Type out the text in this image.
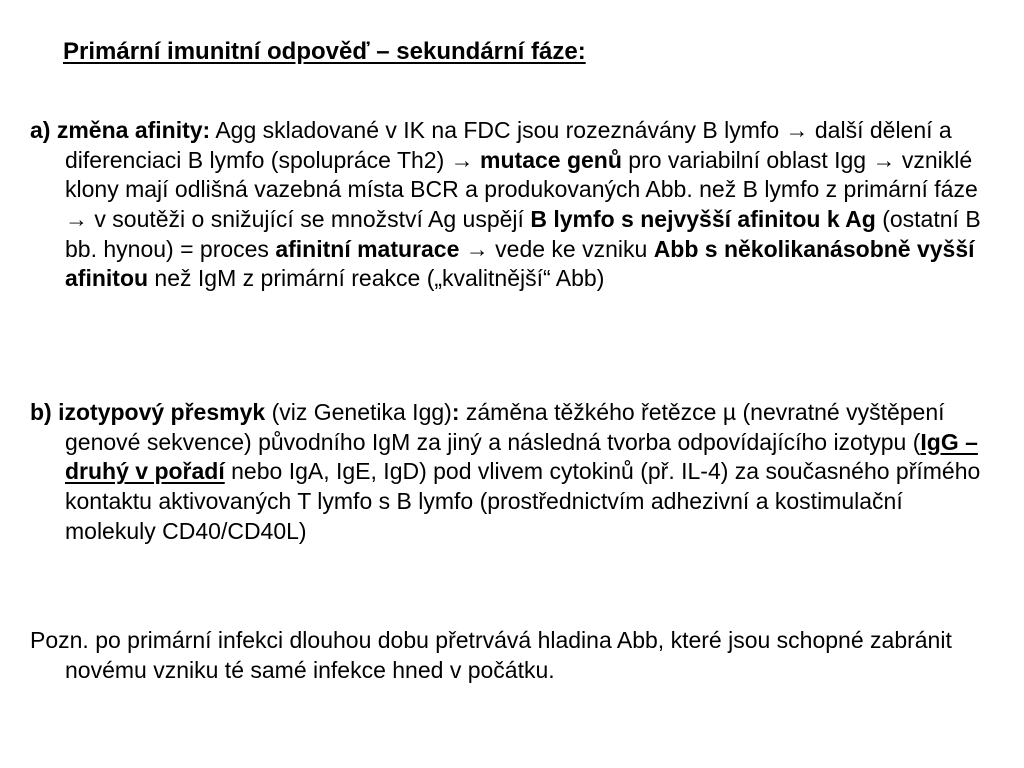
Primární imunitní odpověď – sekundární fáze:
a) změna afinity: Agg skladované v IK na FDC jsou rozeznávány B lymfo → další dělení a diferenciaci B lymfo (spolupráce Th2) → mutace genů pro variabilní oblast Igg → vzniklé klony mají odlišná vazebná místa BCR a produkovaných Abb. než B lymfo z primární fáze → v soutěži o snižující se množství Ag uspějí B lymfo s nejvyšší afinitou k Ag (ostatní B bb. hynou) = proces afinitní maturace → vede ke vzniku Abb s několikanásobně vyšší afinitou než IgM z primární reakce („kvalitnější“ Abb)
b) izotypový přesmyk (viz Genetika Igg): záměna těžkého řetězce µ (nevratné vyštěpení genové sekvence) původního IgM za jiný a následná tvorba odpovídajícího izotypu (IgG – druhý v pořadí nebo IgA, IgE, IgD) pod vlivem cytokinů (př. IL-4) za současného přímého kontaktu aktivovaných T lymfo s B lymfo (prostřednictvím adhezivní a kostimulační molekuly CD40/CD40L)
Pozn. po primární infekci dlouhou dobu přetrvává hladina Abb, které jsou schopné zabránit novému vzniku té samé infekce hned v počátku.
